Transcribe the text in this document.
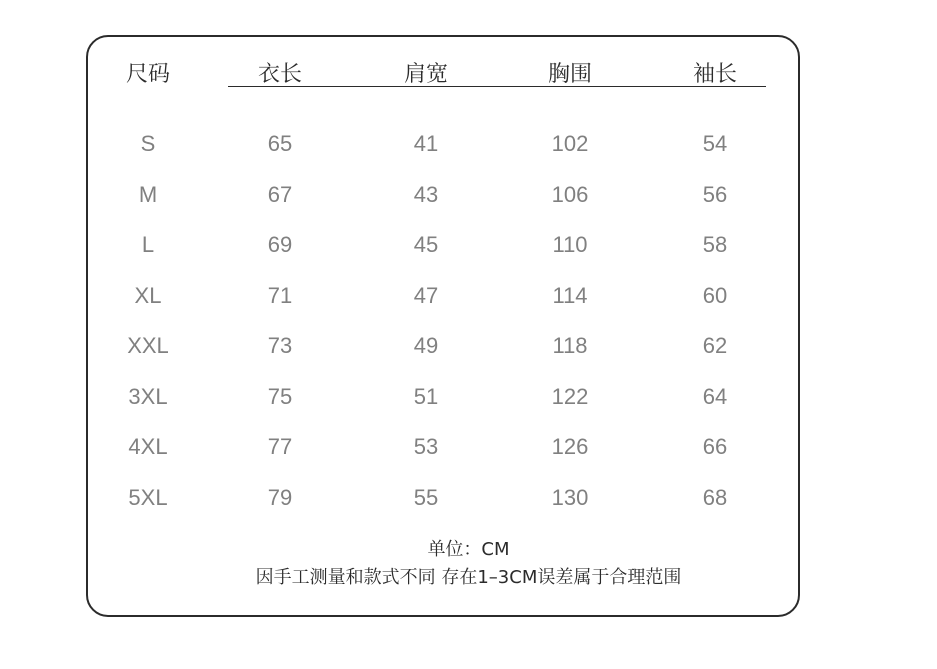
尺码	衣长	肩宽	胸围	袖长
S	65	41	102	54
M	67	43	106	56
L	69	45	110	58
XL	71	47	114	60
XXL	73	49	118	62
3XL	75	51	122	64
4XL	77	53	126	66
5XL	79	55	130	68
单位：CM
因手工测量和款式不同 存在1–3CM误差属于合理范围
